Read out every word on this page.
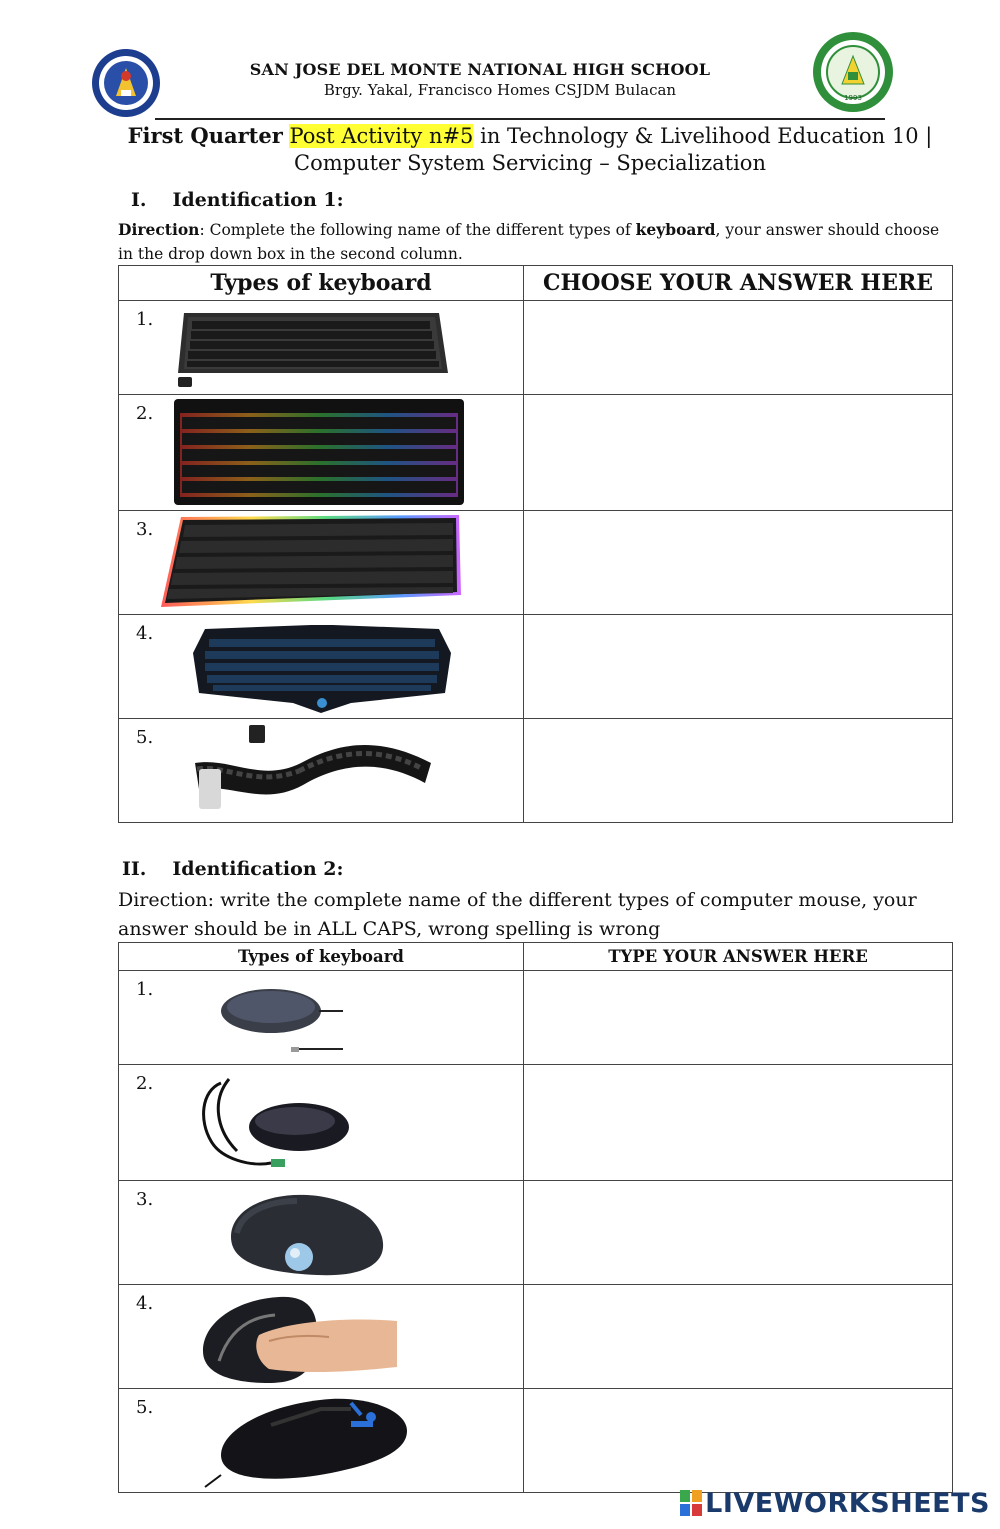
1993
SAN JOSE DEL MONTE NATIONAL HIGH SCHOOL
Brgy. Yakal, Francisco Homes CSJDM Bulacan
First Quarter Post Activity n#5 in Technology & Livelihood Education 10 |
Computer System Servicing – Specialization
I. Identification 1:
Direction: Complete the following name of the different types of keyboard, your answer should choose in the drop down box in the second column.
Types of keyboard	CHOOSE YOUR ANSWER HERE

1.	

2.	

3.	

4.	

5.	

II. Identification 2:
Direction: write the complete name of the different types of computer mouse, your answer should be in ALL CAPS, wrong spelling is wrong
Types of keyboard	TYPE YOUR ANSWER HERE

1.	

2.	

3.	

4.	

5.	

LIVEWORKSHEETS
